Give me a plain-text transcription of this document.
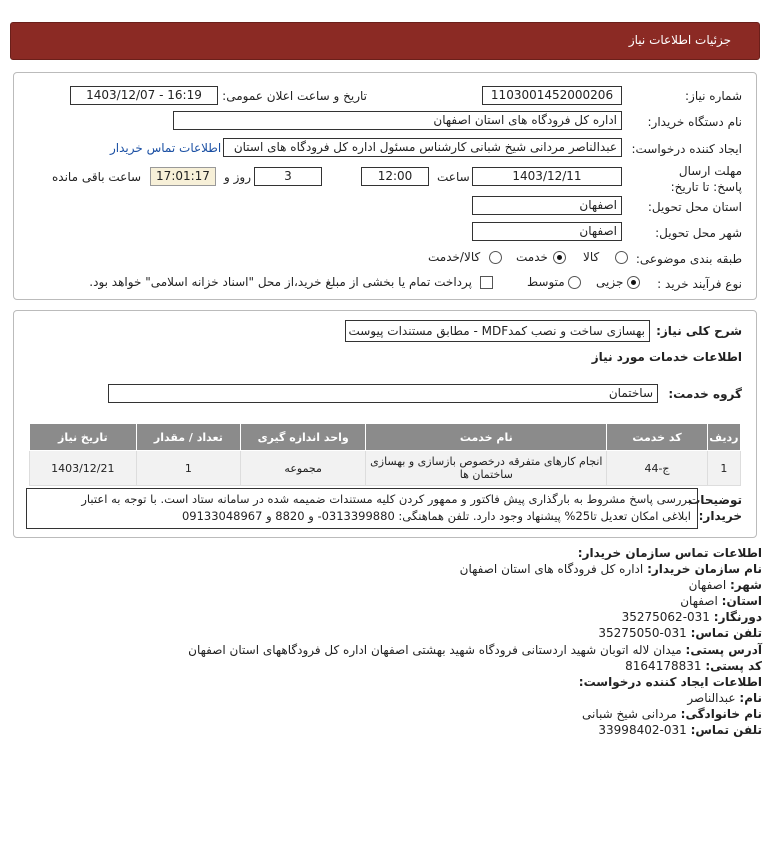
جزئیات اطلاعات نیاز
شماره نیاز:
1103001452000206
تاریخ و ساعت اعلان عمومی:
1403/12/07 - 16:19
نام دستگاه خریدار:
اداره کل فرودگاه های استان اصفهان
ایجاد کننده درخواست:
عبدالناصر مردانی شیخ شبانی کارشناس مسئول اداره کل فرودگاه های استان
اطلاعات تماس خریدار
مهلت ارسال پاسخ: تا تاریخ:
1403/12/11
ساعت
12:00
3
روز و
17:01:17
ساعت باقی مانده
استان محل تحویل:
اصفهان
شهر محل تحویل:
اصفهان
طبقه بندی موضوعی:
کالا
خدمت
کالا/خدمت
نوع فرآیند خرید :
جزیی
متوسط
پرداخت تمام یا بخشی از مبلغ خرید،از محل "اسناد خزانه اسلامی" خواهد بود.
شرح کلی نیاز:
بهسازی ساخت و نصب کمدMDF - مطابق مستندات پیوست
اطلاعات خدمات مورد نیاز
گروه خدمت:
ساختمان
ردیف	کد خدمت	نام خدمت	واحد اندازه گیری	تعداد / مقدار	تاریخ نیاز
1	ج-44	انجام کارهای متفرقه درخصوص بازسازی و بهسازی ساختمان ها	مجموعه	1	1403/12/21
توضیحات خریدار:
بررسی پاسخ مشروط به بارگذاری پیش فاکتور و ممهور کردن کلیه مستندات ضمیمه شده در سامانه ستاد است. با توجه به اعتبار
ابلاغی امکان تعدیل تا25% پیشنهاد وجود دارد. تلفن هماهنگی: 0313399880- و 8820 و 09133048967
اطلاعات تماس سازمان خریدار:
نام سازمان خریدار: اداره کل فرودگاه های استان اصفهان
شهر: اصفهان
استان: اصفهان
دورنگار: 031-35275062
تلفن تماس: 031-35275050
آدرس پستی: میدان لاله اتوبان شهید اردستانی فرودگاه شهید بهشتی اصفهان اداره کل فرودگاههای استان اصفهان
کد پستی: 8164178831
اطلاعات ایجاد کننده درخواست:
نام: عبدالناصر
نام خانوادگی: مردانی شیخ شبانی
تلفن تماس: 031-33998402
